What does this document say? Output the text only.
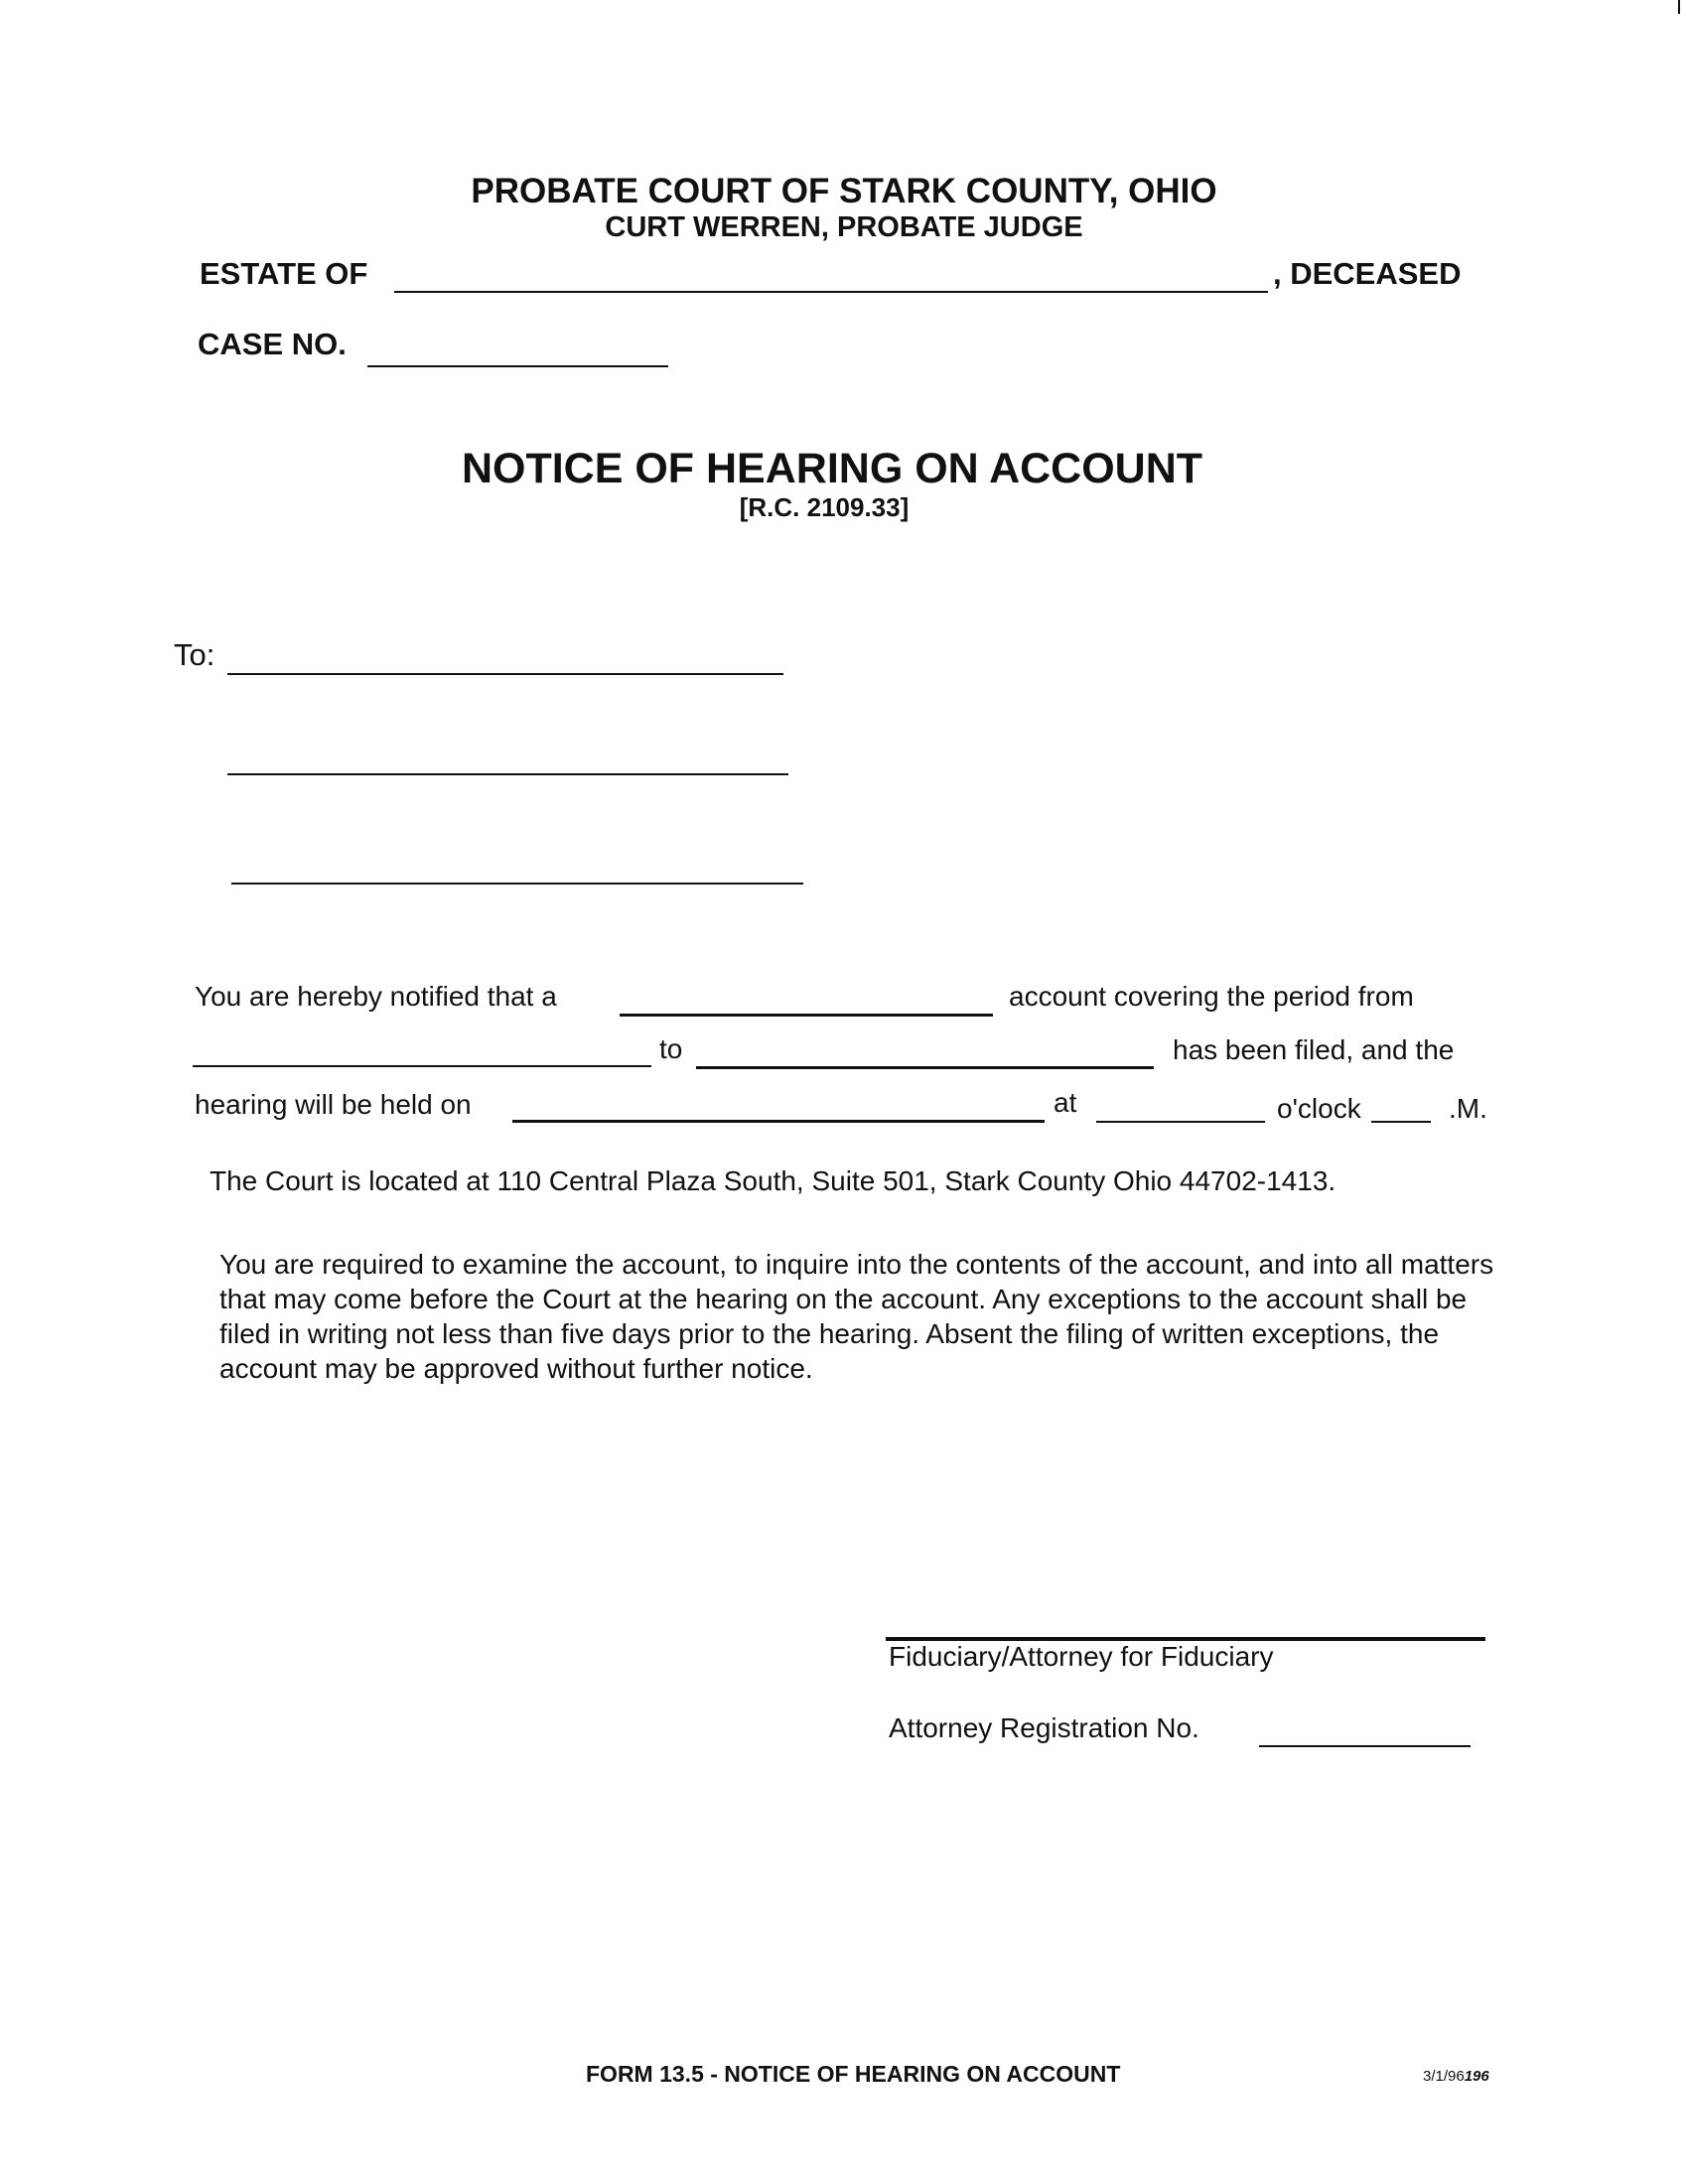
PROBATE COURT OF STARK COUNTY, OHIO
CURT WERREN, PROBATE JUDGE
ESTATE OF	, DECEASED
CASE NO.
NOTICE OF HEARING ON ACCOUNT
[R.C. 2109.33]
To:
You are hereby notified that a	account covering the period from
to	has been filed, and the
hearing will be held on	at	o'clock	.M.
The Court is located at 110 Central Plaza South, Suite 501, Stark County Ohio 44702-1413.
You are required to examine the account, to inquire into the contents of the account, and into all matters
that may come before the Court at the hearing on the account. Any exceptions to the account shall be
filed in writing not less than five days prior to the hearing. Absent the filing of written exceptions, the
account may be approved without further notice.
Fiduciary/Attorney for Fiduciary
Attorney Registration No.
FORM 13.5 - NOTICE OF HEARING ON ACCOUNT	3/1/96196
